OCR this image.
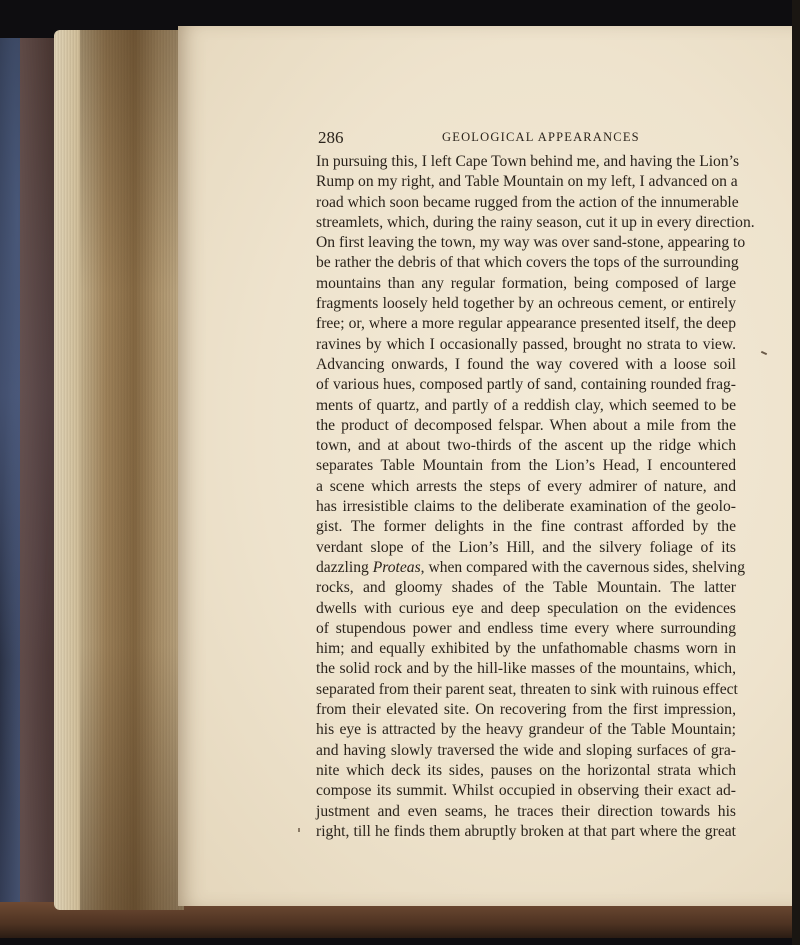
286	GEOLOGICAL APPEARANCES
In pursuing this, I left Cape Town behind me, and having the Lion’s
Rump on my right, and Table Mountain on my left, I advanced on a
road which soon became rugged from the action of the innumerable
streamlets, which, during the rainy season, cut it up in every direction.
On first leaving the town, my way was over sand-stone, appearing to
be rather the debris of that which covers the tops of the surrounding
mountains than any regular formation, being composed of large
fragments loosely held together by an ochreous cement, or entirely
free; or, where a more regular appearance presented itself, the deep
ravines by which I occasionally passed, brought no strata to view.
Advancing onwards, I found the way covered with a loose soil
of various hues, composed partly of sand, containing rounded frag-
ments of quartz, and partly of a reddish clay, which seemed to be
the product of decomposed felspar. When about a mile from the
town, and at about two-thirds of the ascent up the ridge which
separates Table Mountain from the Lion’s Head, I encountered
a scene which arrests the steps of every admirer of nature, and
has irresistible claims to the deliberate examination of the geolo-
gist. The former delights in the fine contrast afforded by the
verdant slope of the Lion’s Hill, and the silvery foliage of its
dazzling Proteas, when compared with the cavernous sides, shelving
rocks, and gloomy shades of the Table Mountain. The latter
dwells with curious eye and deep speculation on the evidences
of stupendous power and endless time every where surrounding
him; and equally exhibited by the unfathomable chasms worn in
the solid rock and by the hill-like masses of the mountains, which,
separated from their parent seat, threaten to sink with ruinous effect
from their elevated site. On recovering from the first impression,
his eye is attracted by the heavy grandeur of the Table Mountain;
and having slowly traversed the wide and sloping surfaces of gra-
nite which deck its sides, pauses on the horizontal strata which
compose its summit. Whilst occupied in observing their exact ad-
justment and even seams, he traces their direction towards his
right, till he finds them abruptly broken at that part where the great
